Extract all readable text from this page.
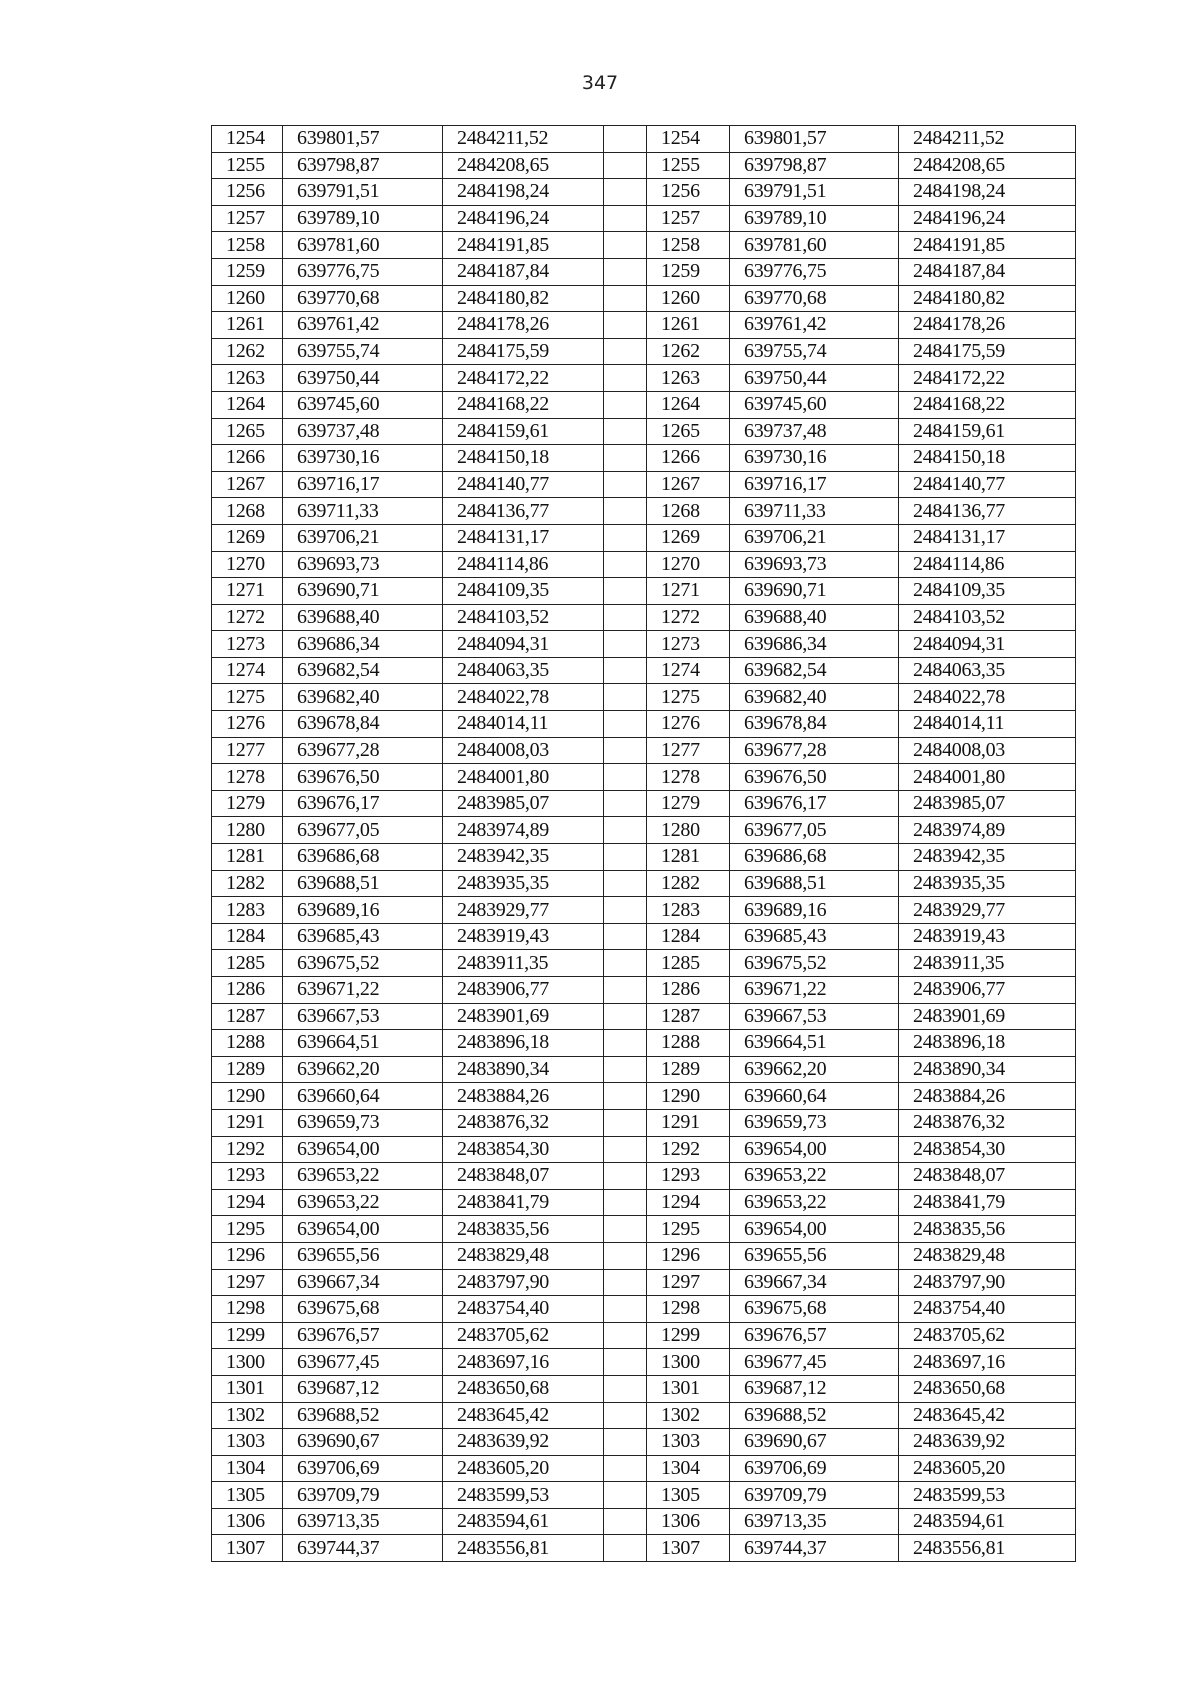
347
1254	639801,57	2484211,52		1254	639801,57	2484211,52
1255	639798,87	2484208,65		1255	639798,87	2484208,65
1256	639791,51	2484198,24		1256	639791,51	2484198,24
1257	639789,10	2484196,24		1257	639789,10	2484196,24
1258	639781,60	2484191,85		1258	639781,60	2484191,85
1259	639776,75	2484187,84		1259	639776,75	2484187,84
1260	639770,68	2484180,82		1260	639770,68	2484180,82
1261	639761,42	2484178,26		1261	639761,42	2484178,26
1262	639755,74	2484175,59		1262	639755,74	2484175,59
1263	639750,44	2484172,22		1263	639750,44	2484172,22
1264	639745,60	2484168,22		1264	639745,60	2484168,22
1265	639737,48	2484159,61		1265	639737,48	2484159,61
1266	639730,16	2484150,18		1266	639730,16	2484150,18
1267	639716,17	2484140,77		1267	639716,17	2484140,77
1268	639711,33	2484136,77		1268	639711,33	2484136,77
1269	639706,21	2484131,17		1269	639706,21	2484131,17
1270	639693,73	2484114,86		1270	639693,73	2484114,86
1271	639690,71	2484109,35		1271	639690,71	2484109,35
1272	639688,40	2484103,52		1272	639688,40	2484103,52
1273	639686,34	2484094,31		1273	639686,34	2484094,31
1274	639682,54	2484063,35		1274	639682,54	2484063,35
1275	639682,40	2484022,78		1275	639682,40	2484022,78
1276	639678,84	2484014,11		1276	639678,84	2484014,11
1277	639677,28	2484008,03		1277	639677,28	2484008,03
1278	639676,50	2484001,80		1278	639676,50	2484001,80
1279	639676,17	2483985,07		1279	639676,17	2483985,07
1280	639677,05	2483974,89		1280	639677,05	2483974,89
1281	639686,68	2483942,35		1281	639686,68	2483942,35
1282	639688,51	2483935,35		1282	639688,51	2483935,35
1283	639689,16	2483929,77		1283	639689,16	2483929,77
1284	639685,43	2483919,43		1284	639685,43	2483919,43
1285	639675,52	2483911,35		1285	639675,52	2483911,35
1286	639671,22	2483906,77		1286	639671,22	2483906,77
1287	639667,53	2483901,69		1287	639667,53	2483901,69
1288	639664,51	2483896,18		1288	639664,51	2483896,18
1289	639662,20	2483890,34		1289	639662,20	2483890,34
1290	639660,64	2483884,26		1290	639660,64	2483884,26
1291	639659,73	2483876,32		1291	639659,73	2483876,32
1292	639654,00	2483854,30		1292	639654,00	2483854,30
1293	639653,22	2483848,07		1293	639653,22	2483848,07
1294	639653,22	2483841,79		1294	639653,22	2483841,79
1295	639654,00	2483835,56		1295	639654,00	2483835,56
1296	639655,56	2483829,48		1296	639655,56	2483829,48
1297	639667,34	2483797,90		1297	639667,34	2483797,90
1298	639675,68	2483754,40		1298	639675,68	2483754,40
1299	639676,57	2483705,62		1299	639676,57	2483705,62
1300	639677,45	2483697,16		1300	639677,45	2483697,16
1301	639687,12	2483650,68		1301	639687,12	2483650,68
1302	639688,52	2483645,42		1302	639688,52	2483645,42
1303	639690,67	2483639,92		1303	639690,67	2483639,92
1304	639706,69	2483605,20		1304	639706,69	2483605,20
1305	639709,79	2483599,53		1305	639709,79	2483599,53
1306	639713,35	2483594,61		1306	639713,35	2483594,61
1307	639744,37	2483556,81		1307	639744,37	2483556,81
